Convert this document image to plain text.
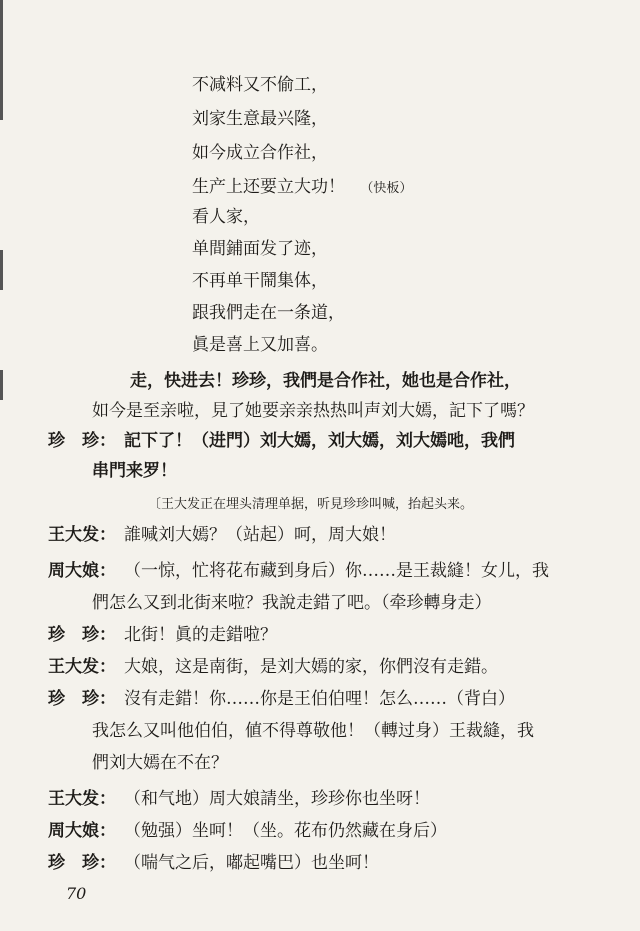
不减料又不偷工，
刘家生意最兴隆，
如今成立合作社，
生产上还要立大功！ （快板）
看人家，
单間鋪面发了迹，
不再单干鬧集体，
跟我們走在一条道，
眞是喜上又加喜。
走，快进去！珍珍，我們是合作社，她也是合作社，
如今是至亲啦，見了她要亲亲热热叫声刘大嫣，記下了嗎？
珍　珍： 記下了！（进門）刘大嫣，刘大嫣，刘大嫣吔，我們
串門来罗！
〔王大发正在埋头清理单据，听見珍珍叫喊，抬起头来。
王大发： 誰喊刘大嫣？（站起）呵，周大娘！
周大娘： （一惊，忙将花布藏到身后）你……是王裁縫！女儿，我
們怎么又到北街来啦？我說走錯了吧。（牵珍轉身走）
珍　珍： 北街！眞的走錯啦？
王大发： 大娘，这是南街，是刘大嫣的家，你們沒有走錯。
珍　珍： 沒有走錯！你……你是王伯伯哩！怎么……（背白）
我怎么又叫他伯伯，値不得尊敬他！（轉过身）王裁縫，我
們刘大嫣在不在？
王大发： （和气地）周大娘請坐，珍珍你也坐呀！
周大娘： （勉强）坐呵！（坐。花布仍然藏在身后）
珍　珍： （喘气之后，嘟起嘴巴）也坐呵！
70
